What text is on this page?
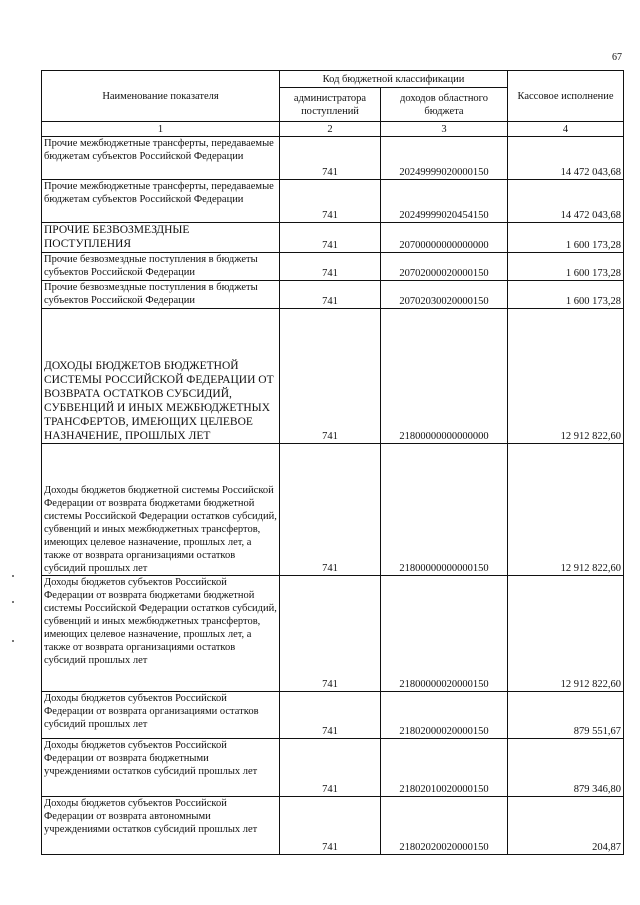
67
Наименование показателя	Код бюджетной классификации		Кассовое исполнение
	администратора поступлений	доходов областного бюджета	
1	2	3	4
Прочие межбюджетные трансферты, передаваемые бюджетам субъектов Российской Федерации	741	20249999020000150	14 472 043,68
Прочие межбюджетные трансферты, передаваемые бюджетам субъектов Российской Федерации	741	20249999020454150	14 472 043,68
ПРОЧИЕ БЕЗВОЗМЕЗДНЫЕ ПОСТУПЛЕНИЯ	741	20700000000000000	1 600 173,28
Прочие безвозмездные поступления в бюджеты субъектов Российской Федерации	741	20702000020000150	1 600 173,28
Прочие безвозмездные поступления в бюджеты субъектов Российской Федерации	741	20702030020000150	1 600 173,28
ДОХОДЫ БЮДЖЕТОВ БЮДЖЕТНОЙ СИСТЕМЫ РОССИЙСКОЙ ФЕДЕРАЦИИ ОТ ВОЗВРАТА ОСТАТКОВ СУБСИДИЙ, СУБВЕНЦИЙ И ИНЫХ МЕЖБЮДЖЕТНЫХ ТРАНСФЕРТОВ, ИМЕЮЩИХ ЦЕЛЕВОЕ НАЗНАЧЕНИЕ, ПРОШЛЫХ ЛЕТ	741	21800000000000000	12 912 822,60
Доходы бюджетов бюджетной системы Российской Федерации от возврата бюджетами бюджетной системы Российской Федерации остатков субсидий, субвенций и иных межбюджетных трансфертов, имеющих целевое назначение, прошлых лет, а также от возврата организациями остатков субсидий прошлых лет	741	21800000000000150	12 912 822,60
Доходы бюджетов субъектов Российской Федерации от возврата бюджетами бюджетной системы Российской Федерации остатков субсидий, субвенций и иных межбюджетных трансфертов, имеющих целевое назначение, прошлых лет, а также от возврата организациями остатков субсидий прошлых лет	741	21800000020000150	12 912 822,60
Доходы бюджетов субъектов Российской Федерации от возврата организациями остатков субсидий прошлых лет	741	21802000020000150	879 551,67
Доходы бюджетов субъектов Российской Федерации от возврата бюджетными учреждениями остатков субсидий прошлых лет	741	21802010020000150	879 346,80
Доходы бюджетов субъектов Российской Федерации от возврата автономными учреждениями остатков субсидий прошлых лет	741	21802020020000150	204,87
